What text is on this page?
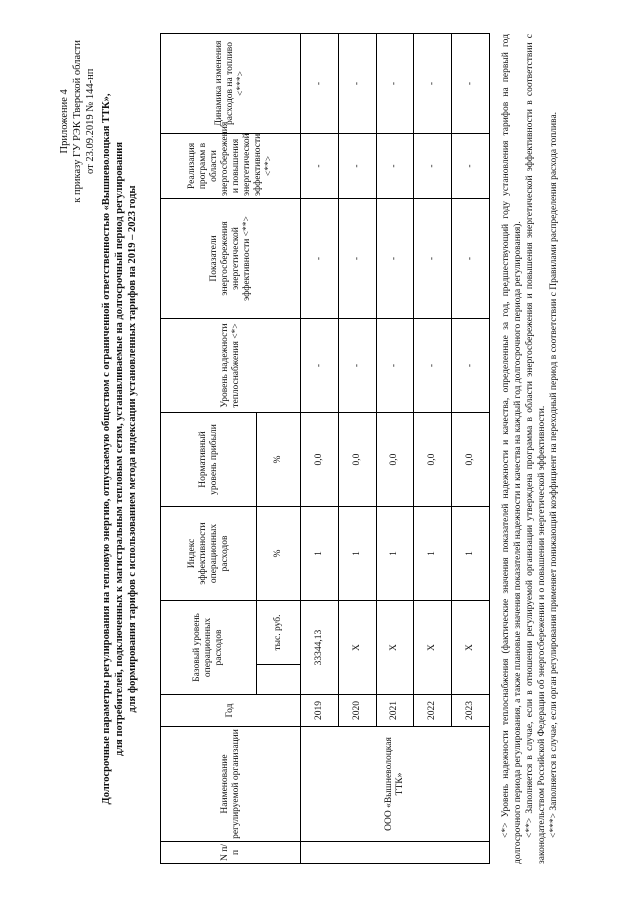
Приложение 4 к приказу ГУ РЭК Тверской области от 23.09.2019 № 144-нп Долгосрочные параметры регулирования на тепловую энергию, отпускаемую обществом с ограниченной ответственностью «Вышневолоцкая ТТК», для потребителей, подключенных к магистральным тепловым сетям, устанавливаемые на долгосрочный период регулирования для формирования тарифов с использованием метода индексации установленных тарифов на 2019 – 2023 годы
N п/п	Наименование регулируемой организации	Год	Базовый уровень операционных расходов		Индекс эффективности операционных расходов	Нормативный уровень прибыли	Уровень надежности теплоснабжения <*>	Показатели энергосбережения энергетической эффективности <**>	Реализация программ в области энергосбережения и повышения энергетической эффективности <**>	Динамика изменения расходов на топливо <***>
				тыс. руб.	%	%				
	ООО «Вышневолоцкая ТТК»	2019	33344,13		1	0,0	-	-	-	-
		2020	Х		1	0,0	-	-	-	-
		2021	Х		1	0,0	-	-	-	-
		2022	Х		1	0,0	-	-	-	-
		2023	Х		1	0,0	-	-	-	-	<*> Уровень надежности теплоснабжения (фактические значения показателей надежности и качества, определенные за год, предшествующий году установления тарифов на первый год долгосрочного периода регулирования, а также плановые значения показателей надежности и качества на каждый год долгосрочного периода регулирования). <**> Заполняется в случае, если в отношении регулируемой организации утверждена программа в области энергосбережения и повышения энергетической эффективности в соответствии с законодательством Российской Федерации об энергосбережении и о повышении энергетической эффективности. <***> Заполняется в случае, если орган регулирования применяет понижающий коэффициент на переходный период в соответствии с Правилами распределения расхода топлива.
